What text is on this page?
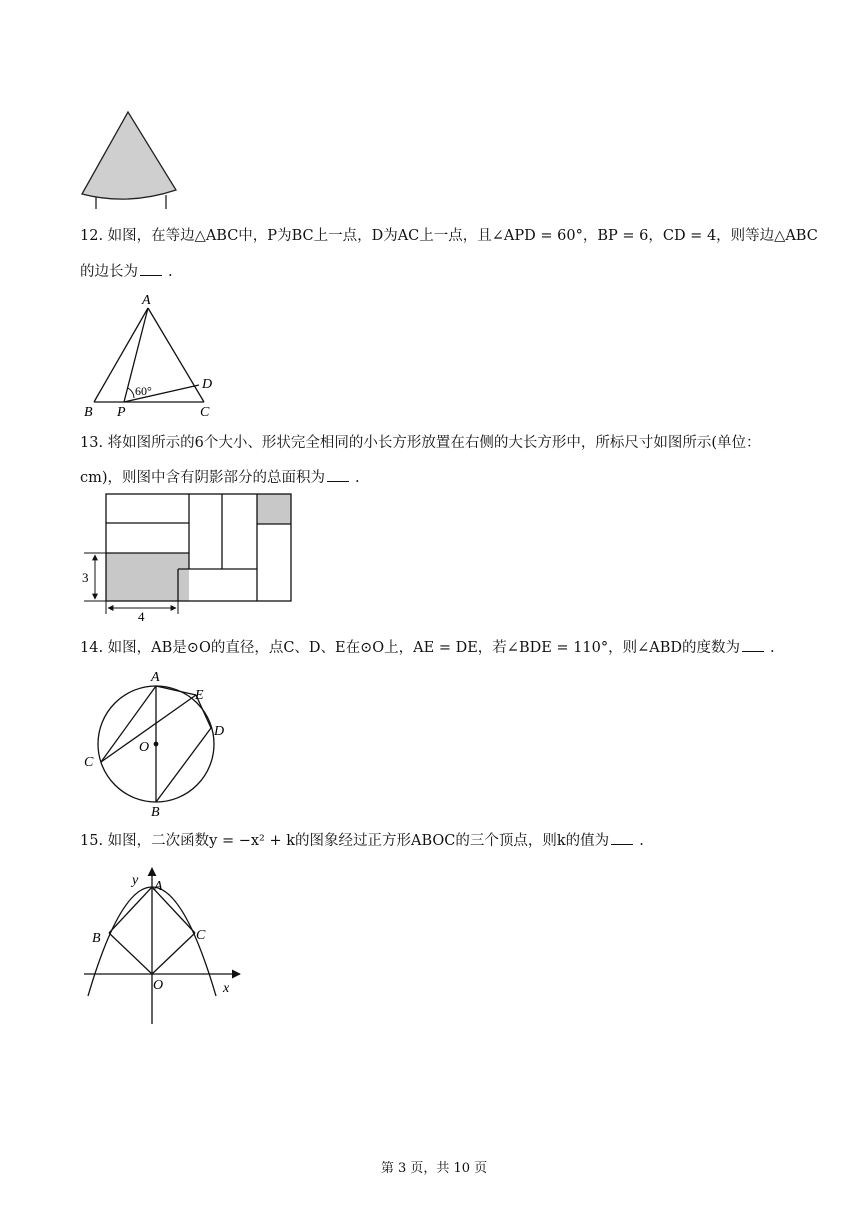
12. 如图，在等边△ABC中，P为BC上一点，D为AC上一点，且∠APD = 60°，BP = 6，CD = 4，则等边△ABC
的边长为 .
A
B	C
D
P
60°
13. 将如图所示的6个大小、形状完全相同的小长方形放置在右侧的大长方形中，所标尺寸如图所示(单位：
cm)，则图中含有阴影部分的总面积为 .
3
4
14. 如图，AB是⊙O的直径，点C、D、E在⊙O上，AE = DE，若∠BDE = 110°，则∠ABD的度数为 .
A
B
C
D
E
O
15. 如图，二次函数y = −x² + k的图象经过正方形ABOC的三个顶点，则k的值为 .
y A
B	C
O	x
第 3 页，共 10 页
